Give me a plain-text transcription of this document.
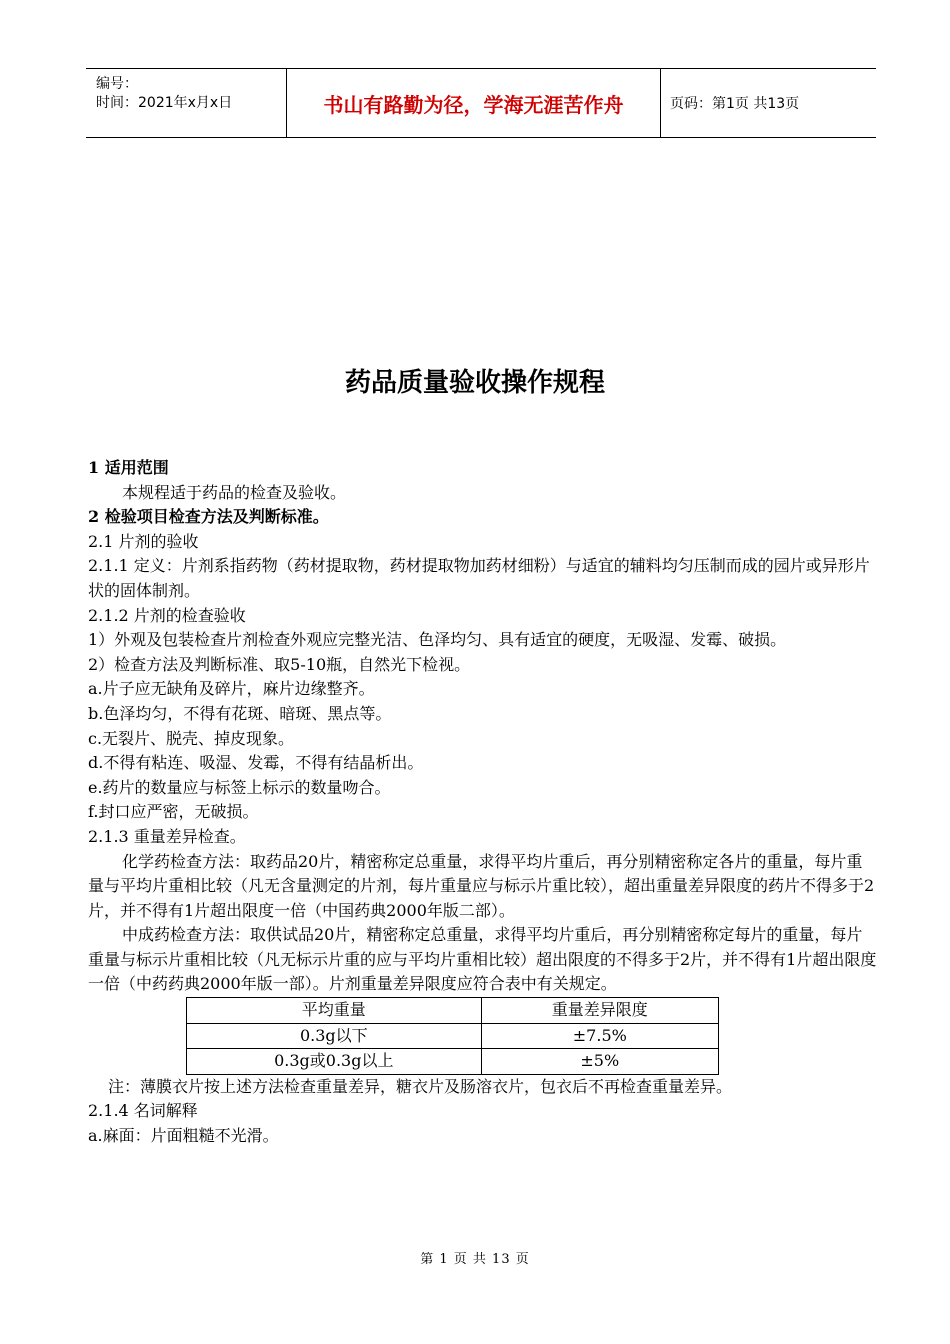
编号：
时间：2021年x月x日	书山有路勤为径，学海无涯苦作舟	页码：第1页 共13页
药品质量验收操作规程

1 适用范围

本规程适于药品的检查及验收。

2 检验项目检查方法及判断标准。

2.1 片剂的验收

2.1.1 定义：片剂系指药物（药材提取物，药材提取物加药材细粉）与适宜的辅料均匀压制而成的园片或异形片状的固体制剂。

2.1.2 片剂的检查验收

1）外观及包装检查片剂检查外观应完整光洁、色泽均匀、具有适宜的硬度，无吸湿、发霉、破损。

2）检查方法及判断标准、取5-10瓶，自然光下检视。

a.片子应无缺角及碎片，麻片边缘整齐。

b.色泽均匀，不得有花斑、暗斑、黑点等。

c.无裂片、脱壳、掉皮现象。

d.不得有粘连、吸湿、发霉，不得有结晶析出。

e.药片的数量应与标签上标示的数量吻合。

f.封口应严密，无破损。

2.1.3 重量差异检查。

化学药检查方法：取药品20片，精密称定总重量，求得平均片重后，再分别精密称定各片的重量，每片重量与平均片重相比较（凡无含量测定的片剂，每片重量应与标示片重比较），超出重量差异限度的药片不得多于2片，并不得有1片超出限度一倍（中国药典2000年版二部）。

中成药检查方法：取供试品20片，精密称定总重量，求得平均片重后，再分别精密称定每片的重量，每片重量与标示片重相比较（凡无标示片重的应与平均片重相比较）超出限度的不得多于2片，并不得有1片超出限度一倍（中药药典2000年版一部）。片剂重量差异限度应符合表中有关规定。

平均重量	重量差异限度
0.3g以下	±7.5%
0.3g或0.3g以上	±5%

注：薄膜衣片按上述方法检查重量差异，糖衣片及肠溶衣片，包衣后不再检查重量差异。

2.1.4 名词解释

a.麻面：片面粗糙不光滑。

第 1 页 共 13 页
